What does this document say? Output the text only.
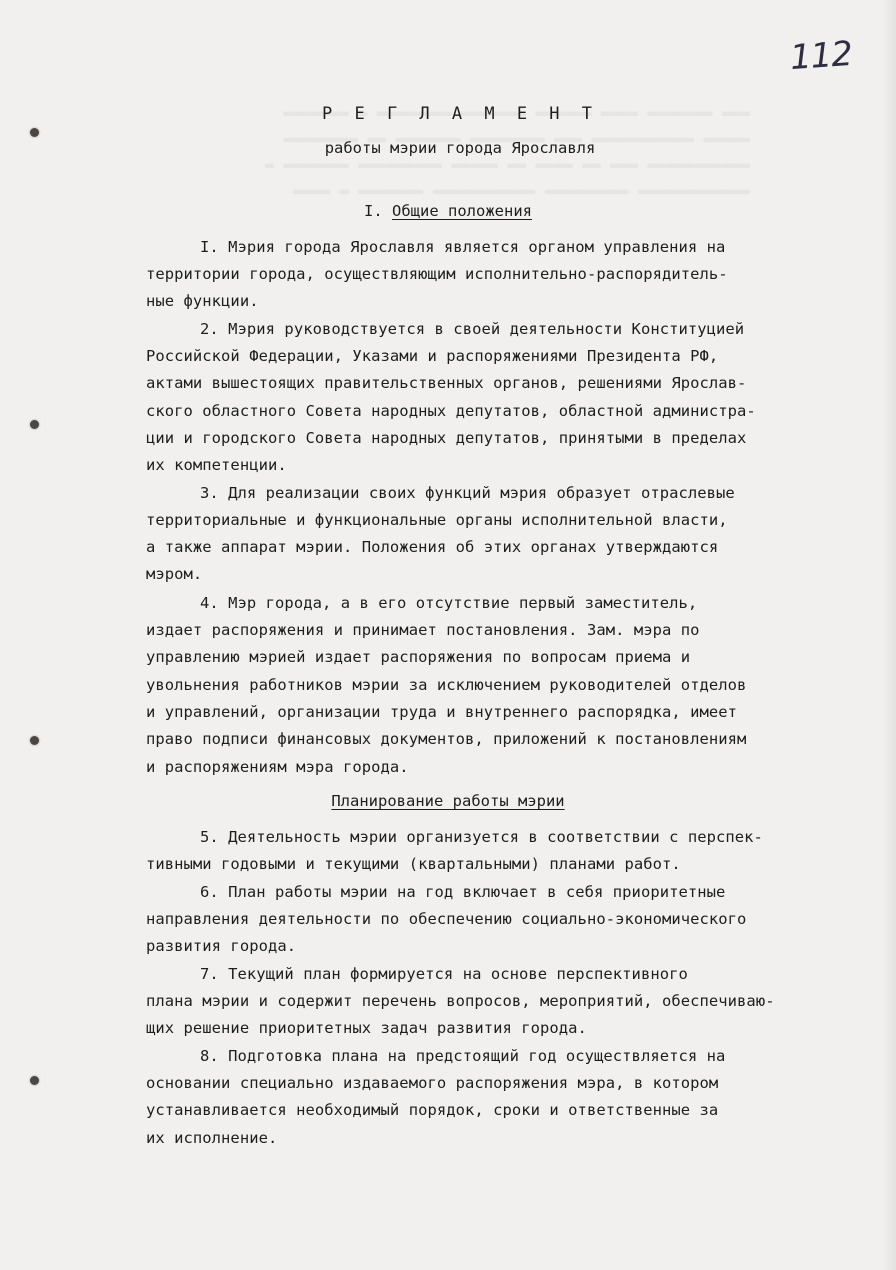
112
Р Е Г Л А М Е Н Т
работы мэрии города Ярославля
I. Общие положения

I. Мэрия города Ярославля является органом управления на

территории города, осуществляющим исполнительно-распорядитель-

ные функции.

2. Мэрия руководствуется в своей деятельности Конституцией

Российской Федерации, Указами и распоряжениями Президента РФ,

актами вышестоящих правительственных органов, решениями Ярослав-

ского областного Совета народных депутатов, областной администра-

ции и городского Совета народных депутатов, принятыми в пределах

их компетенции.

3. Для реализации своих функций мэрия образует отраслевые

территориальные и функциональные органы исполнительной власти,

а также аппарат мэрии. Положения об этих органах утверждаются

мэром.

4. Мэр города, а в его отсутствие первый заместитель,

издает распоряжения и принимает постановления. Зам. мэра по

управлению мэрией издает распоряжения по вопросам приема и

увольнения работников мэрии за исключением руководителей отделов

и управлений, организации труда и внутреннего распорядка, имеет

право подписи финансовых документов, приложений к постановлениям

и распоряжениям мэра города.

Планирование работы мэрии

5. Деятельность мэрии организуется в соответствии с перспек-

тивными годовыми и текущими (квартальными) планами работ.

6. План работы мэрии на год включает в себя приоритетные

направления деятельности по обеспечению социально-экономического

развития города.

7. Текущий план формируется на основе перспективного

плана мэрии и содержит перечень вопросов, мероприятий, обеспечиваю-

щих решение приоритетных задач развития города.

8. Подготовка плана на предстоящий год осуществляется на

основании специально издаваемого распоряжения мэра, в котором

устанавливается необходимый порядок, сроки и ответственные за

их исполнение.
